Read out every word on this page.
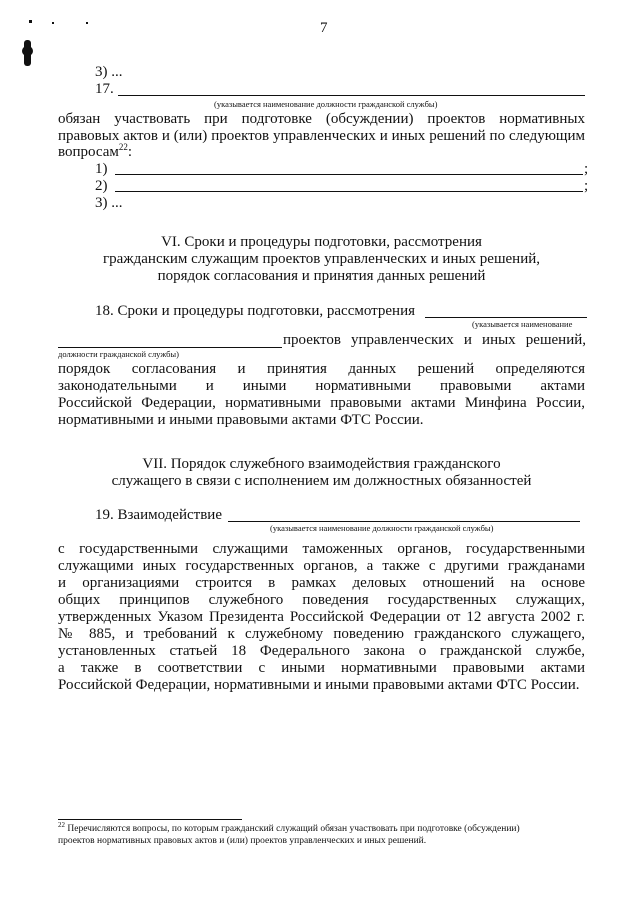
7
3) ...
17.
(указывается наименование должности гражданской службы)
обязан участвовать при подготовке (обсуждении) проектов нормативных
правовых актов и (или) проектов управленческих и иных решений по следующим
вопросам$^{22}$:
1)	;
2)	;
3) ...
VI. Сроки и процедуры подготовки, рассмотрения
гражданским служащим проектов управленческих и иных решений,
порядок согласования и принятия данных решений
18. Сроки и процедуры подготовки, рассмотрения
(указывается наименование
проектов управленческих и иных решений,
должности гражданской службы)
порядок согласования и принятия данных решений определяются
законодательными и иными нормативными правовыми актами
Российской Федерации, нормативными правовыми актами Минфина России,
нормативными и иными правовыми актами ФТС России.
VII. Порядок служебного взаимодействия гражданского
служащего в связи с исполнением им должностных обязанностей
19. Взаимодействие
(указывается наименование должности гражданской службы)
с государственными служащими таможенных органов, государственными
служащими иных государственных органов, а также с другими гражданами
и организациями строится в рамках деловых отношений на основе
общих принципов служебного поведения государственных служащих,
утвержденных Указом Президента Российской Федерации от 12 августа 2002 г.
№ 885, и требований к служебному поведению гражданского служащего,
установленных статьей 18 Федерального закона о гражданской службе,
а также в соответствии с иными нормативными правовыми актами
Российской Федерации, нормативными и иными правовыми актами ФТС России.
$^{22}$ Перечисляются вопросы, по которым гражданский служащий обязан участвовать при подготовке (обсуждении)
проектов нормативных правовых актов и (или) проектов управленческих и иных решений.
